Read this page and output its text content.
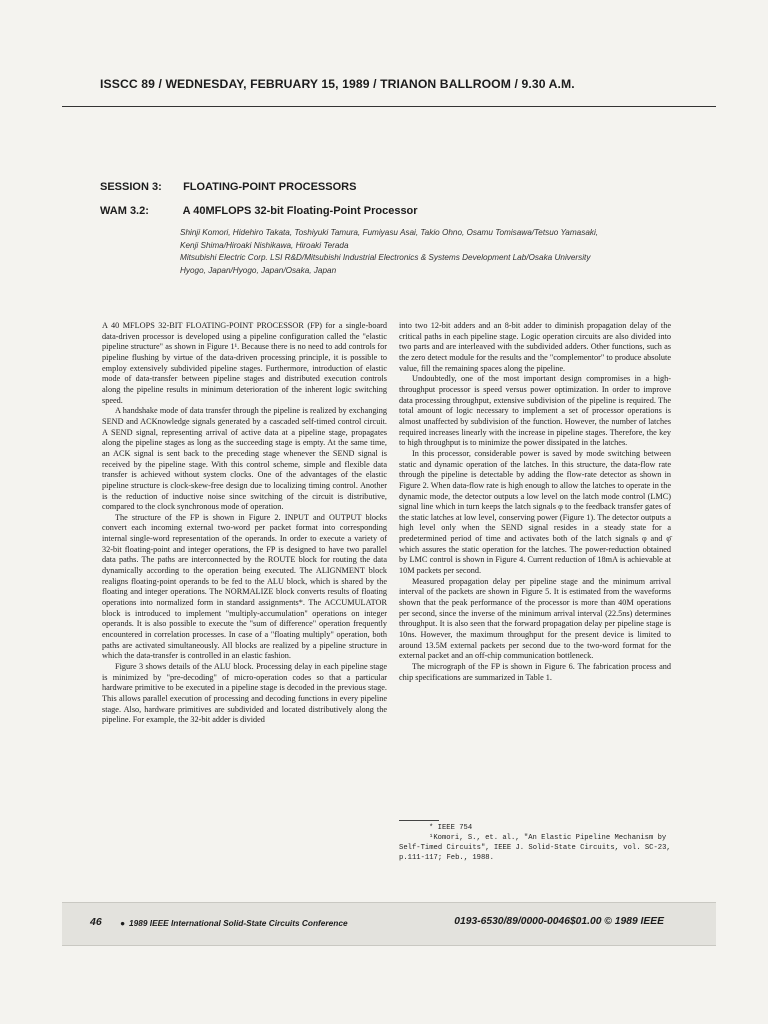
ISSCC 89 / WEDNESDAY, FEBRUARY 15, 1989 / TRIANON BALLROOM / 9.30 A.M.
SESSION 3: FLOATING-POINT PROCESSORS
WAM 3.2:	A 40MFLOPS 32-bit Floating-Point Processor
Shinji Komori, Hidehiro Takata, Toshiyuki Tamura, Fumiyasu Asai, Takio Ohno, Osamu Tomisawa/Tetsuo Yamasaki,
Kenji Shima/Hiroaki Nishikawa, Hiroaki Terada
Mitsubishi Electric Corp. LSI R&D/Mitsubishi Industrial Electronics & Systems Development Lab/Osaka University
Hyogo, Japan/Hyogo, Japan/Osaka, Japan

A 40 MFLOPS 32-BIT FLOATING-POINT PROCESSOR (FP) for a single-board data-driven processor is developed using a pipeline configuration called the "elastic pipeline structure" as shown in Figure 1¹. Because there is no need to add controls for pipeline flushing by virtue of the data-driven processing principle, it is possible to employ extensively subdivided pipeline stages. Furthermore, introduction of elastic mode of data-transfer between pipeline stages and distributed execution controls along the pipeline results in minimum deterioration of the inherent logic switching speed.

A handshake mode of data transfer through the pipeline is realized by exchanging SEND and ACKnowledge signals generated by a cascaded self-timed control circuit. A SEND signal, representing arrival of active data at a pipeline stage, propagates along the pipeline stages as long as the succeeding stage is empty. At the same time, an ACK signal is sent back to the preceding stage whenever the SEND signal is received by the pipeline stage. With this control scheme, simple and flexible data transfer is achieved without system clocks. One of the advantages of the elastic pipeline structure is clock-skew-free design due to localizing timing control. Another is the reduction of inductive noise since switching of the circuit is distributive, compared to the clock synchronous mode of operation.

The structure of the FP is shown in Figure 2. INPUT and OUTPUT blocks convert each incoming external two-word per packet format into corresponding internal single-word representation of the operands. In order to execute a variety of 32-bit floating-point and integer operations, the FP is designed to have two parallel data paths. The paths are interconnected by the ROUTE block for routing the data dynamically according to the operation being executed. The ALIGNMENT block realigns floating-point operands to be fed to the ALU block, which is shared by the floating and integer operations. The NORMALIZE block converts results of floating operations into normalized form in standard assignments*. The ACCUMULATOR block is introduced to implement "multiply-accumulation" operations on integer operands. It is also possible to execute the "sum of difference" operation frequently encountered in correlation processes. In case of a "floating multiply" operation, both paths are activated simultaneously. All blocks are realized by a pipeline structure in which the data-transfer is controlled in an elastic fashion.

Figure 3 shows details of the ALU block. Processing delay in each pipeline stage is minimized by "pre-decoding" of micro-operation codes so that a particular hardware primitive to be executed in a pipeline stage is decoded in the previous stage. This allows parallel execution of processing and decoding functions in every pipeline stage. Also, hardware primitives are subdivided and located distributively along the pipeline. For example, the 32-bit adder is divided

into two 12-bit adders and an 8-bit adder to diminish propagation delay of the critical paths in each pipeline stage. Logic operation circuits are also divided into two parts and are interleaved with the subdivided adders. Other functions, such as the zero detect module for the results and the "complementor" to produce absolute value, fill the remaining spaces along the pipeline.

Undoubtedly, one of the most important design compromises in a high-throughput processor is speed versus power optimization. In order to improve data processing throughput, extensive subdivision of the pipeline is required. The total amount of logic necessary to implement a set of processor operations is almost unaffected by subdivision of the function. However, the number of latches required increases linearly with the increase in pipeline stages. Therefore, the key to high throughput is to minimize the power dissipated in the latches.

In this processor, considerable power is saved by mode switching between static and dynamic operation of the latches. In this structure, the data-flow rate through the pipeline is detectable by adding the flow-rate detector as shown in Figure 2. When data-flow rate is high enough to allow the latches to operate in the dynamic mode, the detector outputs a low level on the latch mode control (LMC) signal line which in turn keeps the latch signals φ to the feedback transfer gates of the static latches at low level, conserving power (Figure 1). The detector outputs a high level only when the SEND signal resides in a steady state for a predetermined period of time and activates both of the latch signals φ and φ̄ which assures the static operation for the latches. The power-reduction obtained by LMC control is shown in Figure 4. Current reduction of 18mA is achievable at 10M packets per second.

Measured propagation delay per pipeline stage and the minimum arrival interval of the packets are shown in Figure 5. It is estimated from the waveforms shown that the peak performance of the processor is more than 40M operations per second, since the inverse of the minimum arrival interval (22.5ns) determines throughput. It is also seen that the forward propagation delay per pipeline stage is 10ns. However, the maximum throughput for the present device is limited to around 13.5M external packets per second due to the two-word format for the external packet and an off-chip communication bottleneck.

The micrograph of the FP is shown in Figure 6. The fabrication process and chip specifications are summarized in Table 1.

* IEEE 754
¹Komori, S., et. al., "An Elastic Pipeline Mechanism by
Self-Timed Circuits", IEEE J. Solid-State Circuits, vol. SC-23,
p.111-117; Feb., 1988.
46 ● 1989 IEEE International Solid-State Circuits Conference	0193-6530/89/0000-0046$01.00 © 1989 IEEE
